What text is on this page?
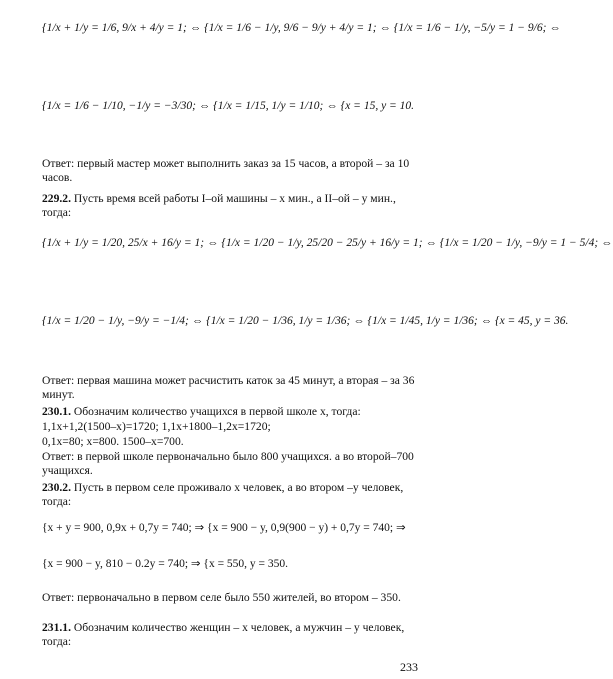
{1/x + 1/y = 1/6, 9/x + 4/y = 1; ⇔ {1/x = 1/6 − 1/y, 9/6 − 9/y + 4/y = 1; ⇔ {1/x = 1/6 − 1/y, −5/y = 1 − 9/6; ⇔
{1/x = 1/6 − 1/10, −1/y = −3/30; ⇔ {1/x = 1/15, 1/y = 1/10; ⇔ {x = 15, y = 10.
Ответ: первый мастер может выполнить заказ за 15 часов, а второй – за 10 часов.
229.2. Пусть время всей работы I–ой машины – x мин., а II–ой – y мин., тогда:
{1/x + 1/y = 1/20, 25/x + 16/y = 1; ⇔ {1/x = 1/20 − 1/y, 25/20 − 25/y + 16/y = 1; ⇔ {1/x = 1/20 − 1/y, −9/y = 1 − 5/4; ⇔
{1/x = 1/20 − 1/y, −9/y = −1/4; ⇔ {1/x = 1/20 − 1/36, 1/y = 1/36; ⇔ {1/x = 1/45, 1/y = 1/36; ⇔ {x = 45, y = 36.
Ответ: первая машина может расчистить каток за 45 минут, а вторая – за 36 минут.
230.1. Обозначим количество учащихся в первой школе x, тогда:
1,1x+1,2(1500–x)=1720; 1,1x+1800–1,2x=1720;
0,1x=80; x=800. 1500–x=700.
Ответ: в первой школе первоначально было 800 учащихся. а во второй–700 учащихся.
230.2. Пусть в первом селе проживало x человек, а во втором –y человек, тогда:
{x + y = 900, 0,9x + 0,7y = 740; ⇒ {x = 900 − y, 0,9(900 − y) + 0,7y = 740; ⇒
{x = 900 − y, 810 − 0.2y = 740; ⇒ {x = 550, y = 350.
Ответ: первоначально в первом селе было 550 жителей, во втором – 350.
231.1. Обозначим количество женщин – x человек, а мужчин – y человек, тогда:
233
